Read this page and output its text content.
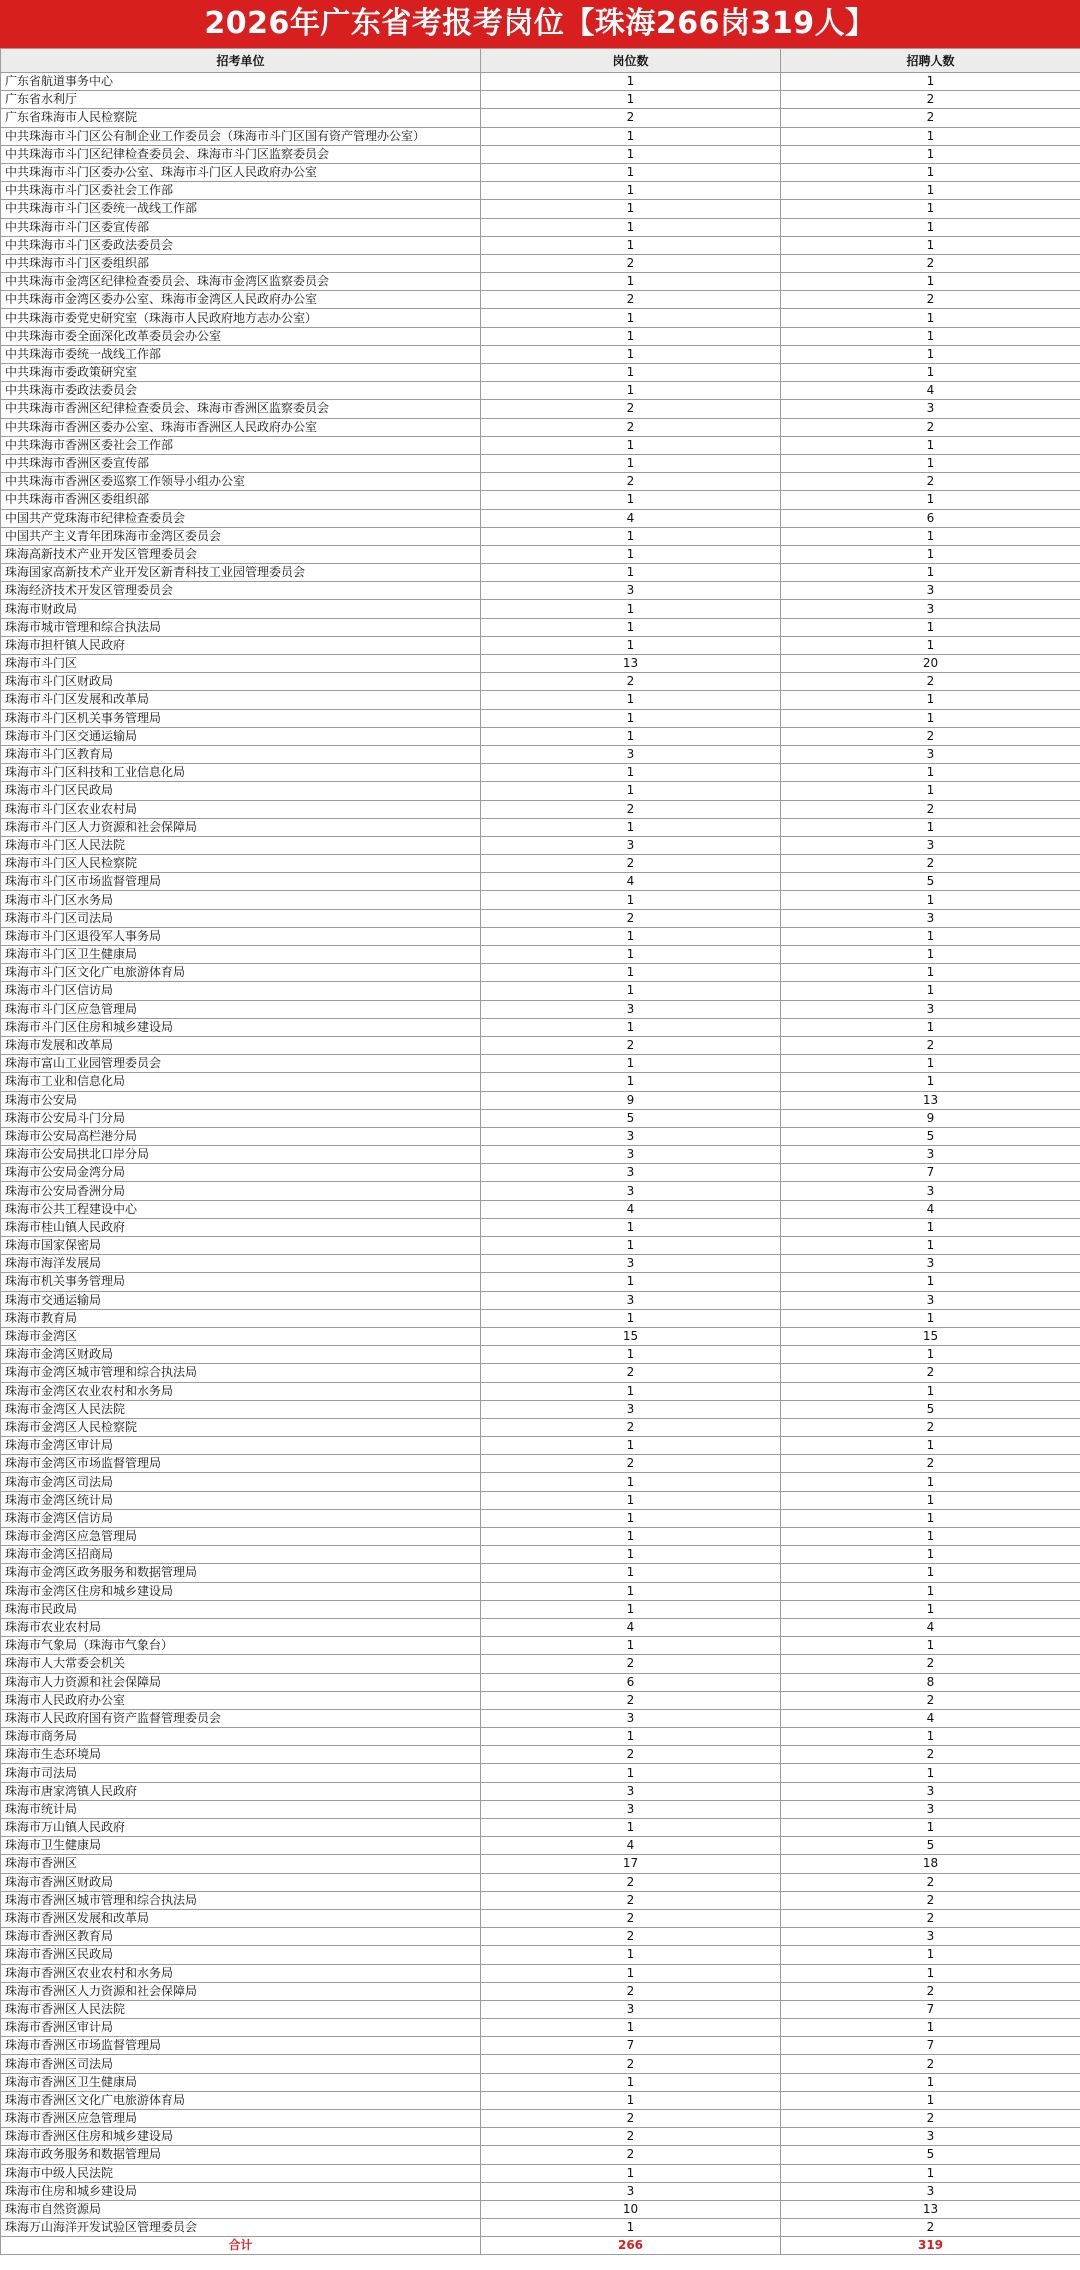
2026年广东省考报考岗位【珠海266岗319人】
招考单位	岗位数	招聘人数
广东省航道事务中心	1	1
广东省水利厅	1	2
广东省珠海市人民检察院	2	2
中共珠海市斗门区公有制企业工作委员会（珠海市斗门区国有资产管理办公室）	1	1
中共珠海市斗门区纪律检查委员会、珠海市斗门区监察委员会	1	1
中共珠海市斗门区委办公室、珠海市斗门区人民政府办公室	1	1
中共珠海市斗门区委社会工作部	1	1
中共珠海市斗门区委统一战线工作部	1	1
中共珠海市斗门区委宣传部	1	1
中共珠海市斗门区委政法委员会	1	1
中共珠海市斗门区委组织部	2	2
中共珠海市金湾区纪律检查委员会、珠海市金湾区监察委员会	1	1
中共珠海市金湾区委办公室、珠海市金湾区人民政府办公室	2	2
中共珠海市委党史研究室（珠海市人民政府地方志办公室）	1	1
中共珠海市委全面深化改革委员会办公室	1	1
中共珠海市委统一战线工作部	1	1
中共珠海市委政策研究室	1	1
中共珠海市委政法委员会	1	4
中共珠海市香洲区纪律检查委员会、珠海市香洲区监察委员会	2	3
中共珠海市香洲区委办公室、珠海市香洲区人民政府办公室	2	2
中共珠海市香洲区委社会工作部	1	1
中共珠海市香洲区委宣传部	1	1
中共珠海市香洲区委巡察工作领导小组办公室	2	2
中共珠海市香洲区委组织部	1	1
中国共产党珠海市纪律检查委员会	4	6
中国共产主义青年团珠海市金湾区委员会	1	1
珠海高新技术产业开发区管理委员会	1	1
珠海国家高新技术产业开发区新青科技工业园管理委员会	1	1
珠海经济技术开发区管理委员会	3	3
珠海市财政局	1	3
珠海市城市管理和综合执法局	1	1
珠海市担杆镇人民政府	1	1
珠海市斗门区	13	20
珠海市斗门区财政局	2	2
珠海市斗门区发展和改革局	1	1
珠海市斗门区机关事务管理局	1	1
珠海市斗门区交通运输局	1	2
珠海市斗门区教育局	3	3
珠海市斗门区科技和工业信息化局	1	1
珠海市斗门区民政局	1	1
珠海市斗门区农业农村局	2	2
珠海市斗门区人力资源和社会保障局	1	1
珠海市斗门区人民法院	3	3
珠海市斗门区人民检察院	2	2
珠海市斗门区市场监督管理局	4	5
珠海市斗门区水务局	1	1
珠海市斗门区司法局	2	3
珠海市斗门区退役军人事务局	1	1
珠海市斗门区卫生健康局	1	1
珠海市斗门区文化广电旅游体育局	1	1
珠海市斗门区信访局	1	1
珠海市斗门区应急管理局	3	3
珠海市斗门区住房和城乡建设局	1	1
珠海市发展和改革局	2	2
珠海市富山工业园管理委员会	1	1
珠海市工业和信息化局	1	1
珠海市公安局	9	13
珠海市公安局斗门分局	5	9
珠海市公安局高栏港分局	3	5
珠海市公安局拱北口岸分局	3	3
珠海市公安局金湾分局	3	7
珠海市公安局香洲分局	3	3
珠海市公共工程建设中心	4	4
珠海市桂山镇人民政府	1	1
珠海市国家保密局	1	1
珠海市海洋发展局	3	3
珠海市机关事务管理局	1	1
珠海市交通运输局	3	3
珠海市教育局	1	1
珠海市金湾区	15	15
珠海市金湾区财政局	1	1
珠海市金湾区城市管理和综合执法局	2	2
珠海市金湾区农业农村和水务局	1	1
珠海市金湾区人民法院	3	5
珠海市金湾区人民检察院	2	2
珠海市金湾区审计局	1	1
珠海市金湾区市场监督管理局	2	2
珠海市金湾区司法局	1	1
珠海市金湾区统计局	1	1
珠海市金湾区信访局	1	1
珠海市金湾区应急管理局	1	1
珠海市金湾区招商局	1	1
珠海市金湾区政务服务和数据管理局	1	1
珠海市金湾区住房和城乡建设局	1	1
珠海市民政局	1	1
珠海市农业农村局	4	4
珠海市气象局（珠海市气象台）	1	1
珠海市人大常委会机关	2	2
珠海市人力资源和社会保障局	6	8
珠海市人民政府办公室	2	2
珠海市人民政府国有资产监督管理委员会	3	4
珠海市商务局	1	1
珠海市生态环境局	2	2
珠海市司法局	1	1
珠海市唐家湾镇人民政府	3	3
珠海市统计局	3	3
珠海市万山镇人民政府	1	1
珠海市卫生健康局	4	5
珠海市香洲区	17	18
珠海市香洲区财政局	2	2
珠海市香洲区城市管理和综合执法局	2	2
珠海市香洲区发展和改革局	2	2
珠海市香洲区教育局	2	3
珠海市香洲区民政局	1	1
珠海市香洲区农业农村和水务局	1	1
珠海市香洲区人力资源和社会保障局	2	2
珠海市香洲区人民法院	3	7
珠海市香洲区审计局	1	1
珠海市香洲区市场监督管理局	7	7
珠海市香洲区司法局	2	2
珠海市香洲区卫生健康局	1	1
珠海市香洲区文化广电旅游体育局	1	1
珠海市香洲区应急管理局	2	2
珠海市香洲区住房和城乡建设局	2	3
珠海市政务服务和数据管理局	2	5
珠海市中级人民法院	1	1
珠海市住房和城乡建设局	3	3
珠海市自然资源局	10	13
珠海万山海洋开发试验区管理委员会	1	2
合计	266	319
